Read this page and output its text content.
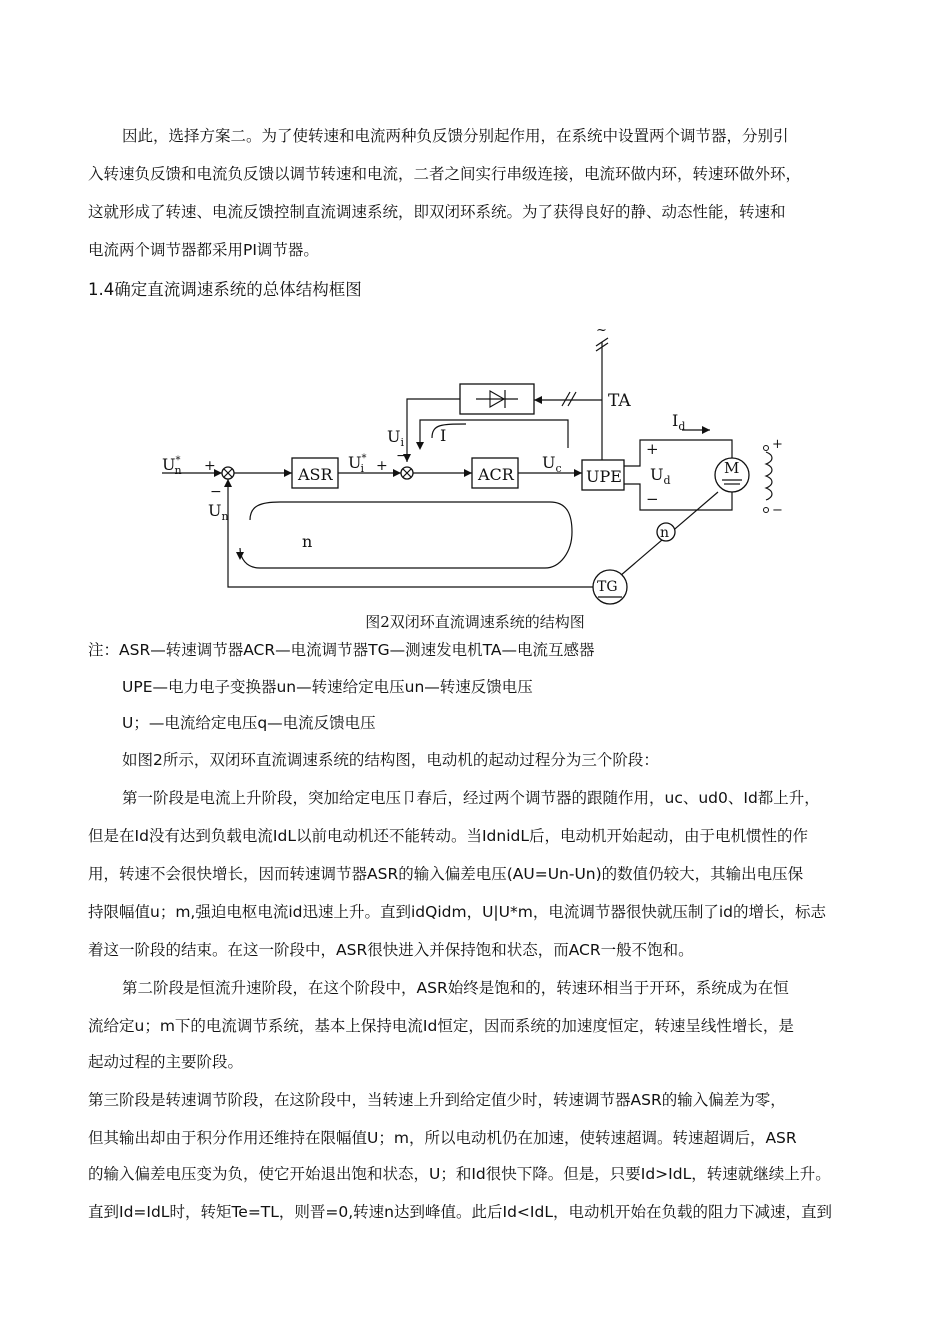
因此，选择方案二。为了使转速和电流两种负反馈分别起作用，在系统中设置两个调节器，分别引
入转速负反馈和电流负反馈以调节转速和电流，二者之间实行串级连接，电流环做内环，转速环做外环，
这就形成了转速、电流反馈控制直流调速系统，即双闭环系统。为了获得良好的静、动态性能，转速和
电流两个调节器都采用PI调节器。
1.4确定直流调速系统的总体结构框图
~
TA
U* n +
−
$U_n$
ASR
U* i +
$U_i$
−
ACR
$U_c$ UPE
$I_d$
+
$U_d$
−
M
+
−
n
TG
I
n
图2双闭环直流调速系统的结构图
注：ASR—转速调节器ACR—电流调节器TG—测速发电机TA—电流互感器
UPE—电力电子变换器un—转速给定电压un—转速反馈电压
U；—电流给定电压q—电流反馈电压
如图2所示，双闭环直流调速系统的结构图，电动机的起动过程分为三个阶段：
第一阶段是电流上升阶段，突加给定电压卩春后，经过两个调节器的跟随作用，uc、ud0、Id都上升，
但是在Id没有达到负载电流IdL以前电动机还不能转动。当IdnidL后，电动机开始起动，由于电机惯性的作
用，转速不会很快增长，因而转速调节器ASR的输入偏差电压(AU=Un-Un)的数值仍较大，其输出电压保
持限幅值u；m,强迫电枢电流id迅速上升。直到idQidm，U|U*m，电流调节器很快就压制了id的增长，标志
着这一阶段的结束。在这一阶段中，ASR很快进入并保持饱和状态，而ACR一般不饱和。
第二阶段是恒流升速阶段，在这个阶段中，ASR始终是饱和的，转速环相当于开环，系统成为在恒
流给定u；m下的电流调节系统，基本上保持电流Id恒定，因而系统的加速度恒定，转速呈线性增长，是
起动过程的主要阶段。
第三阶段是转速调节阶段，在这阶段中，当转速上升到给定值少时，转速调节器ASR的输入偏差为零，
但其输出却由于积分作用还维持在限幅值U；m，所以电动机仍在加速，使转速超调。转速超调后，ASR
的输入偏差电压变为负，使它开始退出饱和状态，U；和Id很快下降。但是，只要Id>IdL，转速就继续上升。
直到Id=IdL时，转矩Te=TL，则晋=0,转速n达到峰值。此后Id<IdL，电动机开始在负载的阻力下减速，直到
